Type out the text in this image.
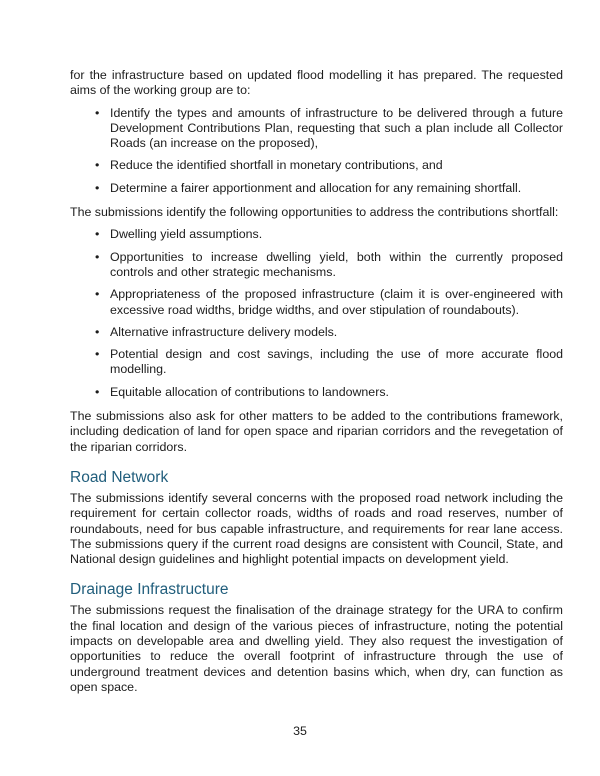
for the infrastructure based on updated flood modelling it has prepared. The requested aims of the working group are to:

• Identify the types and amounts of infrastructure to be delivered through a future Development Contributions Plan, requesting that such a plan include all Collector Roads (an increase on the proposed),
• Reduce the identified shortfall in monetary contributions, and
• Determine a fairer apportionment and allocation for any remaining shortfall.

The submissions identify the following opportunities to address the contributions shortfall:

• Dwelling yield assumptions.
• Opportunities to increase dwelling yield, both within the currently proposed controls and other strategic mechanisms.
• Appropriateness of the proposed infrastructure (claim it is over-engineered with excessive road widths, bridge widths, and over stipulation of roundabouts).
• Alternative infrastructure delivery models.
• Potential design and cost savings, including the use of more accurate flood modelling.
• Equitable allocation of contributions to landowners.

The submissions also ask for other matters to be added to the contributions framework, including dedication of land for open space and riparian corridors and the revegetation of the riparian corridors.

Road Network

The submissions identify several concerns with the proposed road network including the requirement for certain collector roads, widths of roads and road reserves, number of roundabouts, need for bus capable infrastructure, and requirements for rear lane access. The submissions query if the current road designs are consistent with Council, State, and National design guidelines and highlight potential impacts on development yield.

Drainage Infrastructure

The submissions request the finalisation of the drainage strategy for the URA to confirm the final location and design of the various pieces of infrastructure, noting the potential impacts on developable area and dwelling yield. They also request the investigation of opportunities to reduce the overall footprint of infrastructure through the use of underground treatment devices and detention basins which, when dry, can function as open space.

35
